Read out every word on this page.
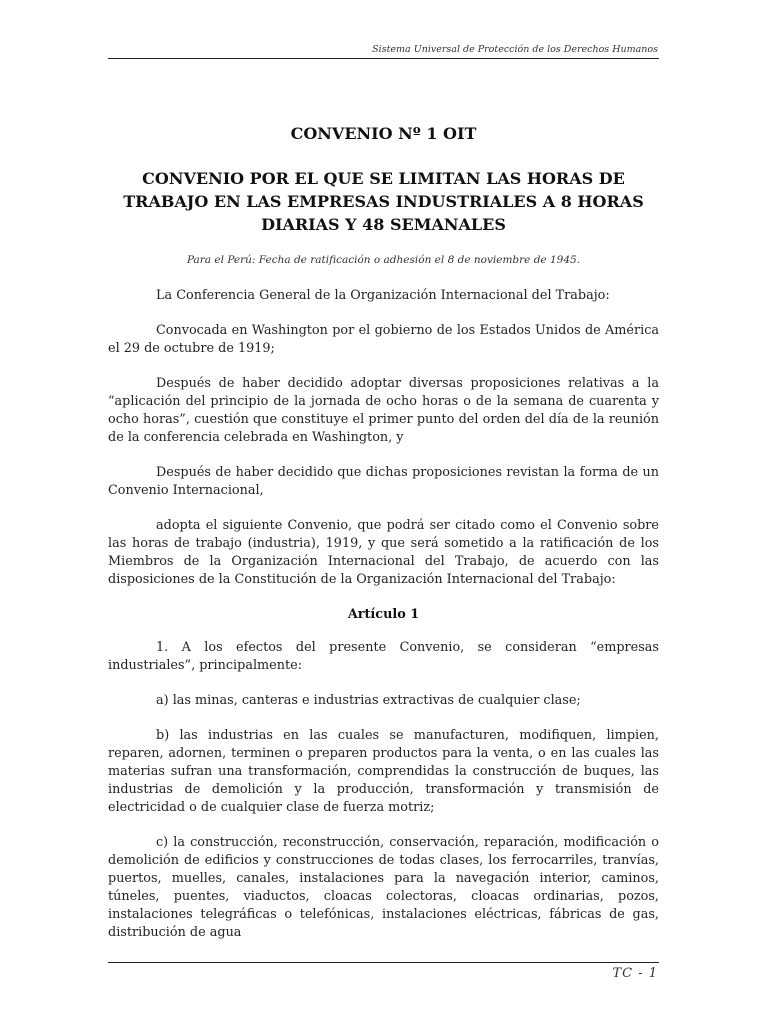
Sistema Universal de Protección de los Derechos Humanos
CONVENIO Nº 1 OIT
CONVENIO POR EL QUE SE LIMITAN LAS HORAS DE TRABAJO EN LAS EMPRESAS INDUSTRIALES A 8 HORAS DIARIAS Y 48 SEMANALES

Para el Perú: Fecha de ratificación o adhesión el 8 de noviembre de 1945.

La Conferencia General de la Organización Internacional del Trabajo:

Convocada en Washington por el gobierno de los Estados Unidos de América el 29 de octubre de 1919;

Después de haber decidido adoptar diversas proposiciones relativas a la “aplicación del principio de la jornada de ocho horas o de la semana de cuarenta y ocho horas”, cuestión que constituye el primer punto del orden del día de la reunión de la conferencia celebrada en Washington, y

Después de haber decidido que dichas proposiciones revistan la forma de un Convenio Internacional,

adopta el siguiente Convenio, que podrá ser citado como el Convenio sobre las horas de trabajo (industria), 1919, y que será sometido a la ratificación de los Miembros de la Organización Internacional del Trabajo, de acuerdo con las disposiciones de la Constitución de la Organización Internacional del Trabajo:

Artículo 1

1. A los efectos del presente Convenio, se consideran “empresas industriales”, principalmente:

a) las minas, canteras e industrias extractivas de cualquier clase;

b) las industrias en las cuales se manufacturen, modifiquen, limpien, reparen, adornen, terminen o preparen productos para la venta, o en las cuales las materias sufran una transformación, comprendidas la construcción de buques, las industrias de demolición y la producción, transformación y transmisión de electricidad o de cualquier clase de fuerza motriz;

c) la construcción, reconstrucción, conservación, reparación, modificación o demolición de edificios y construcciones de todas clases, los ferrocarriles, tranvías, puertos, muelles, canales, instalaciones para la navegación interior, caminos, túneles, puentes, viaductos, cloacas colectoras, cloacas ordinarias, pozos, instalaciones telegráficas o telefónicas, instalaciones eléctricas, fábricas de gas, distribución de agua

TC - 1
